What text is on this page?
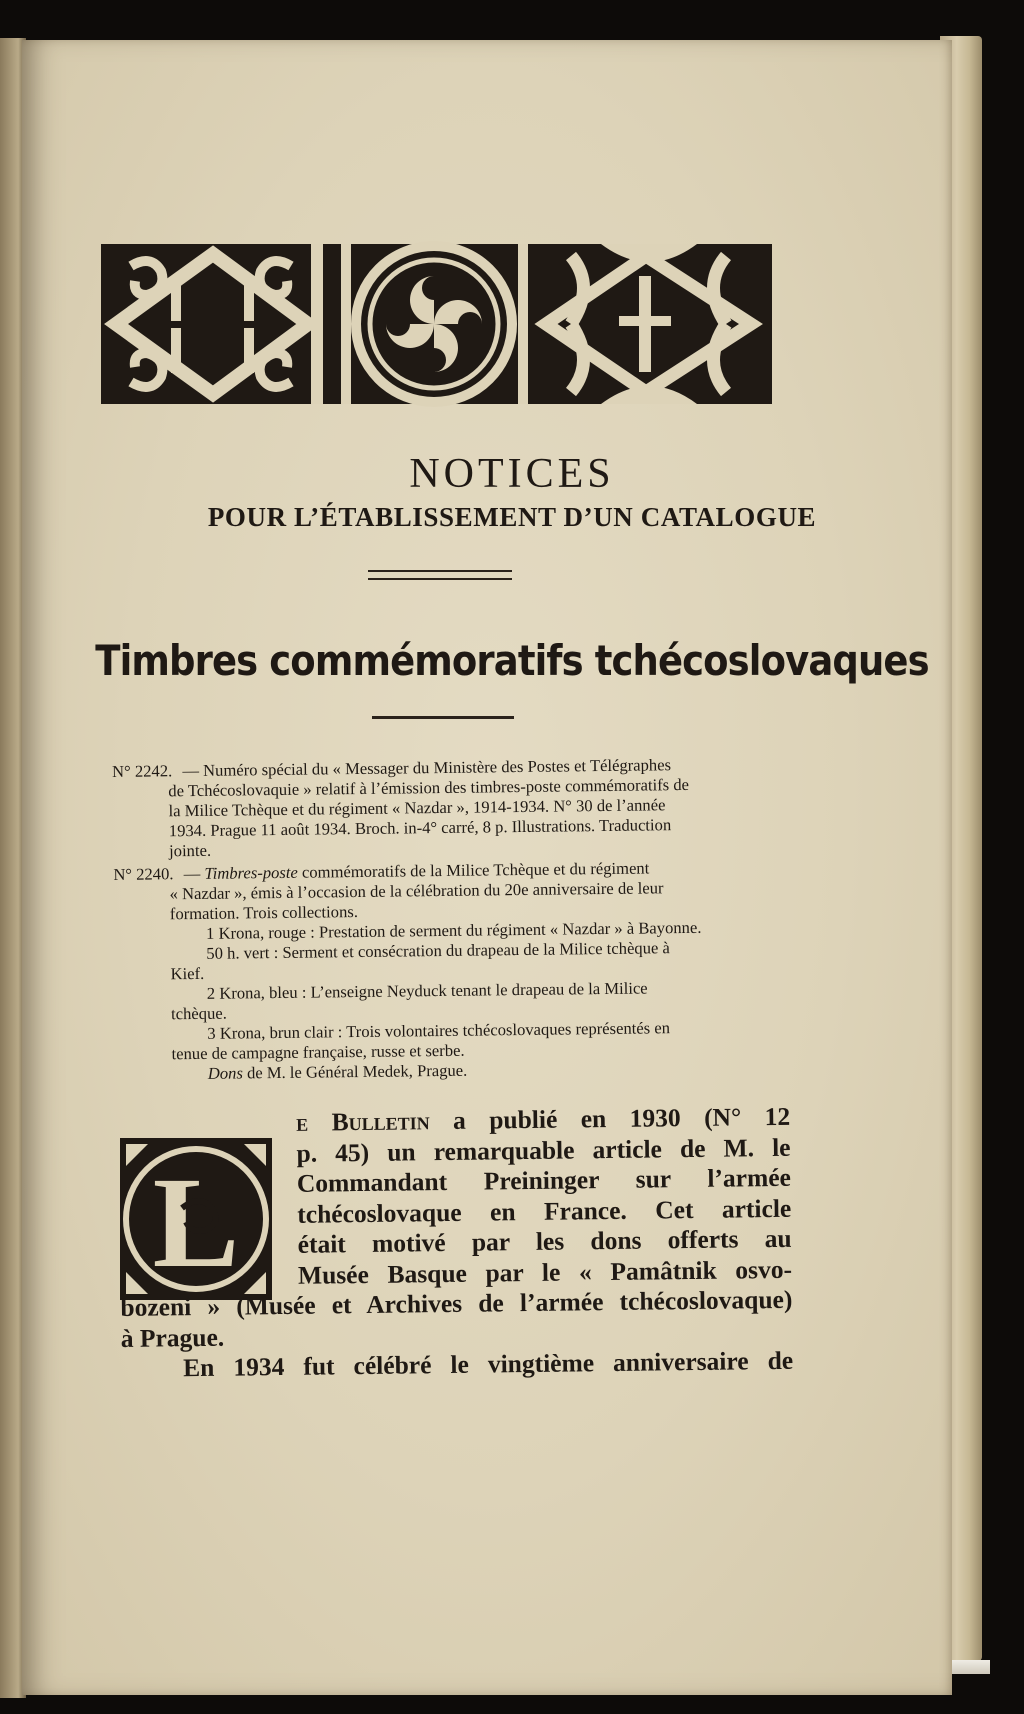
NOTICES
POUR L’ÉTABLISSEMENT D’UN CATALOGUE
Timbres commémoratifs tchécoslovaques
N° 2242. — Numéro spécial du « Messager du Ministère des Postes et Télégraphes
de Tchécoslovaquie » relatif à l’émission des timbres-poste commémoratifs de
la Milice Tchèque et du régiment « Nazdar », 1914-1934. N° 30 de l’année
1934. Prague 11 août 1934. Broch. in-4° carré, 8 p. Illustrations. Traduction
jointe.
N° 2240. — Timbres-poste commémoratifs de la Milice Tchèque et du régiment
« Nazdar », émis à l’occasion de la célébration du 20e anniversaire de leur
formation. Trois collections.
1 Krona, rouge : Prestation de serment du régiment « Nazdar » à Bayonne.
50 h. vert : Serment et consécration du drapeau de la Milice tchèque à
Kief.
2 Krona, bleu : L’enseigne Neyduck tenant le drapeau de la Milice
tchèque.
3 Krona, brun clair : Trois volontaires tchécoslovaques représentés en
tenue de campagne française, russe et serbe.
Dons de M. le Général Medek, Prague.
L
e Bulletin a publié en 1930 (N° 12
p. 45) un remarquable article de M. le
Commandant Preininger sur l’armée
tchécoslovaque en France. Cet article
était motivé par les dons offerts au
Musée Basque par le « Pamâtnik osvo-
bozeni » (Musée et Archives de l’armée tchécoslovaque)
à Prague.
En 1934 fut célébré le vingtième anniversaire de
